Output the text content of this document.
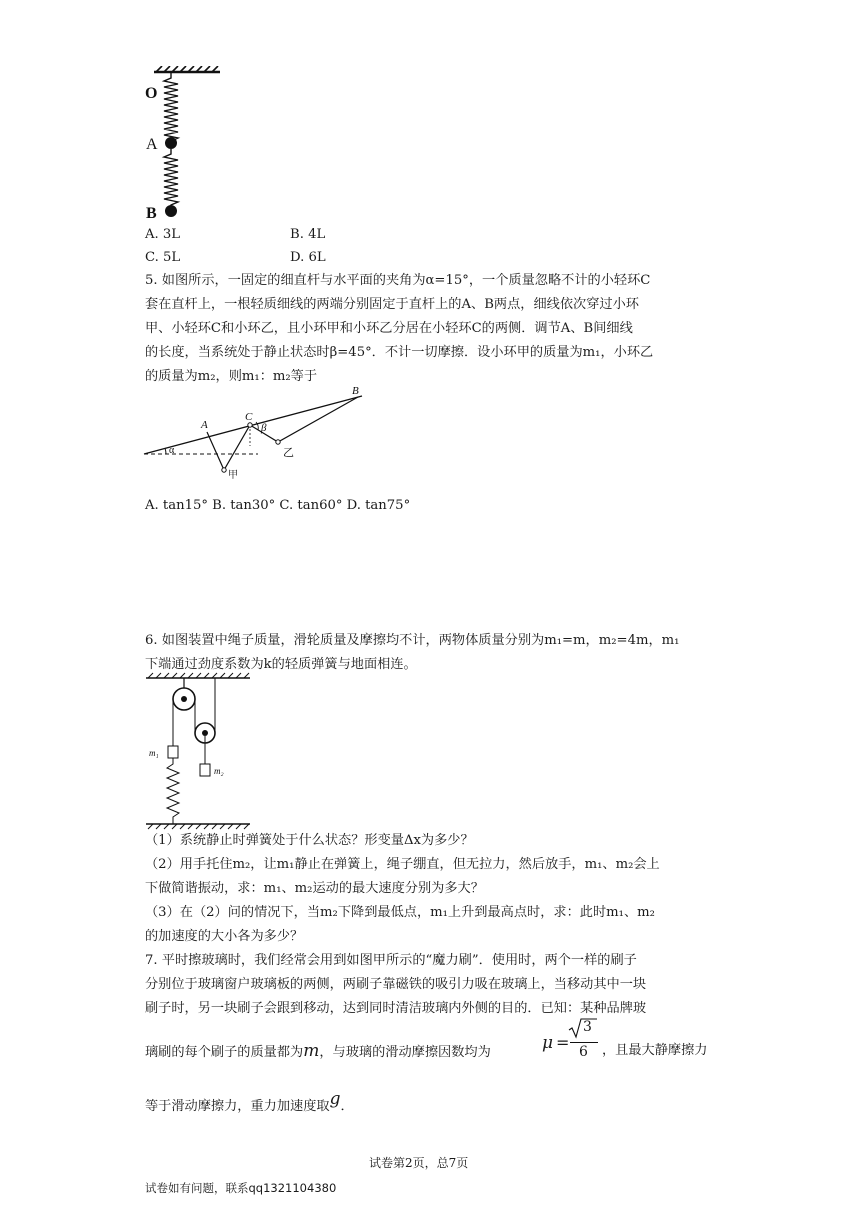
O
A
B
A. 3L	B. 4L
C. 5L	D. 6L
5. 如图所示，一固定的细直杆与水平面的夹角为α=15°，一个质量忽略不计的小轻环C
套在直杆上，一根轻质细线的两端分别固定于直杆上的A、B两点，细线依次穿过小环
甲、小轻环C和小环乙，且小环甲和小环乙分居在小轻环C的两侧．调节A、B间细线
的长度，当系统处于静止状态时β=45°．不计一切摩擦．设小环甲的质量为m₁，小环乙
的质量为m₂，则m₁：m₂等于
A
C
B
β
α
甲
乙
A. tan15° B. tan30° C. tan60° D. tan75°
6. 如图装置中绳子质量，滑轮质量及摩擦均不计，两物体质量分别为m₁=m，m₂=4m，m₁
下端通过劲度系数为k的轻质弹簧与地面相连。
m₁
m₂
（1）系统静止时弹簧处于什么状态？形变量Δx为多少？
（2）用手托住m₂，让m₁静止在弹簧上，绳子绷直，但无拉力，然后放手，m₁、m₂会上
下做简谐振动，求：m₁、m₂运动的最大速度分别为多大？
（3）在（2）问的情况下，当m₂下降到最低点，m₁上升到最高点时，求：此时m₁、m₂
的加速度的大小各为多少？
7. 平时擦玻璃时，我们经常会用到如图甲所示的“魔力刷”．使用时，两个一样的刷子
分别位于玻璃窗户玻璃板的两侧，两刷子靠磁铁的吸引力吸在玻璃上，当移动其中一块
刷子时，另一块刷子会跟到移动，达到同时清洁玻璃内外侧的目的．已知：某种品牌玻
璃刷的每个刷子的质量都为m，与玻璃的滑动摩擦因数均为	μ =
3
6 ，且最大静摩擦力
等于滑动摩擦力，重力加速度取g．
试卷第2页，总7页
试卷如有问题，联系qq1321104380
